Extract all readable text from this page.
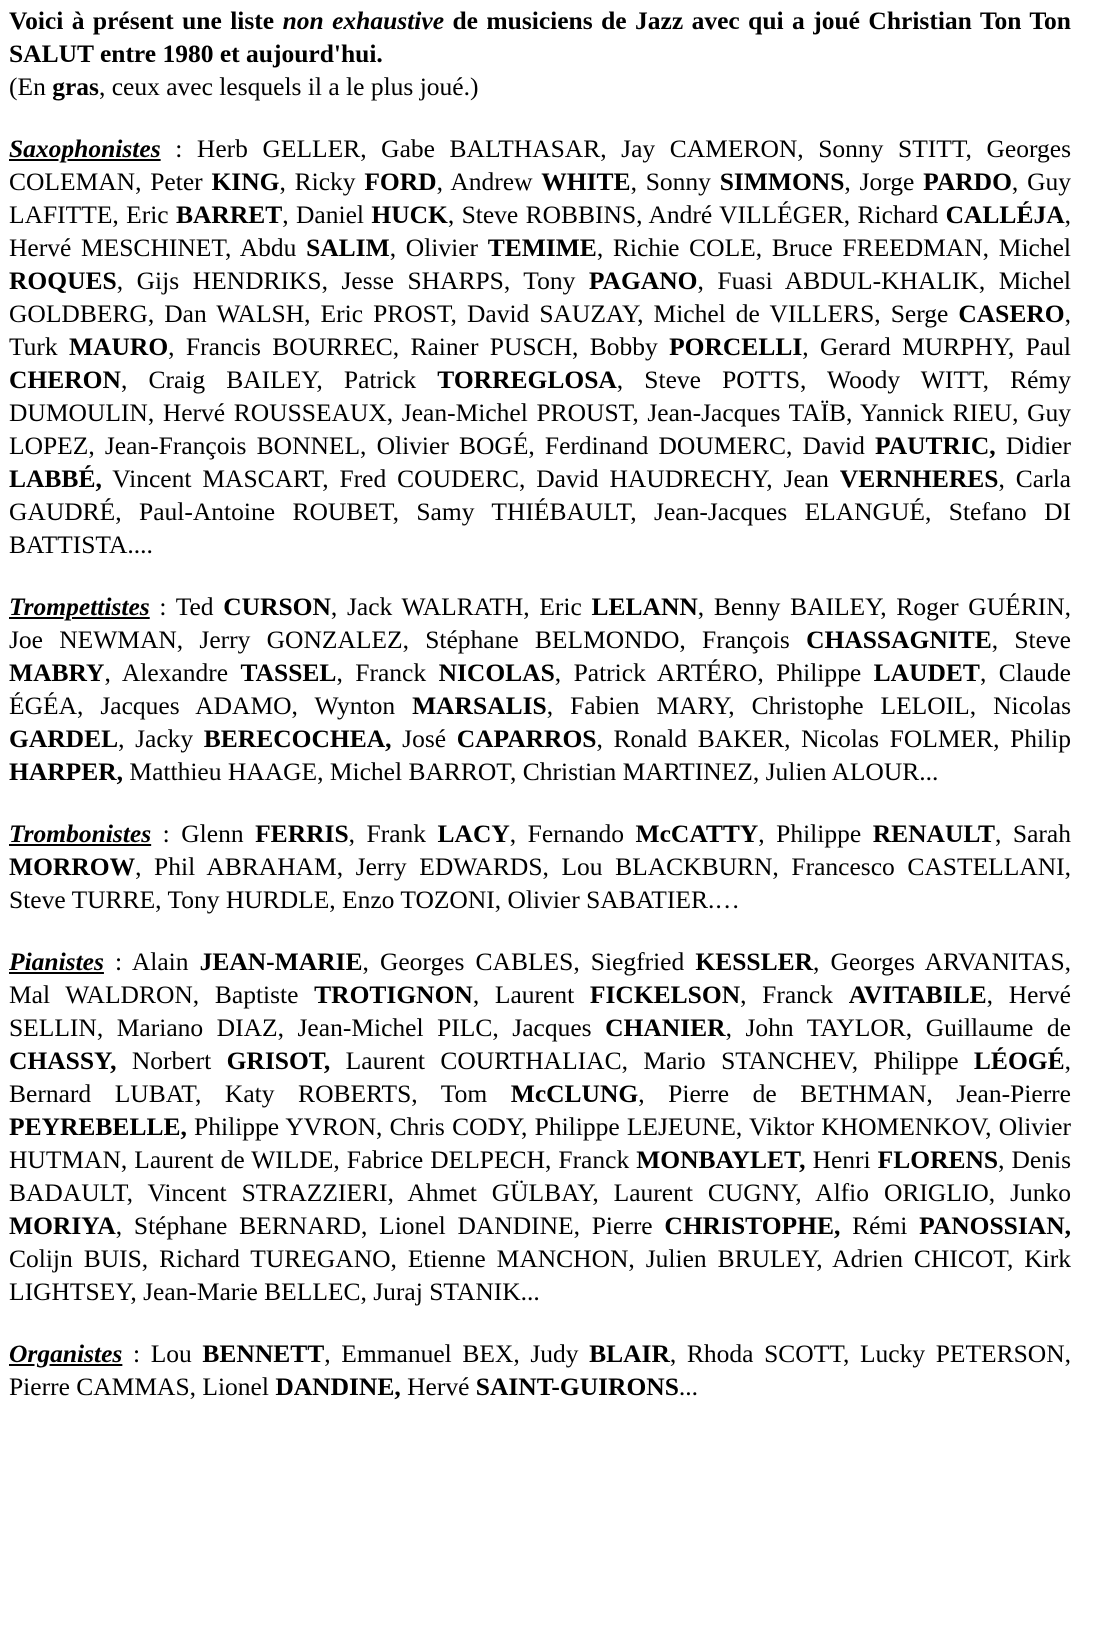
Voici à présent une liste non exhaustive de musiciens de Jazz avec qui a joué Christian Ton Ton SALUT entre 1980 et aujourd'hui.

(En gras, ceux avec lesquels il a le plus joué.)

Saxophonistes : Herb GELLER, Gabe BALTHASAR, Jay CAMERON, Sonny STITT, Georges COLEMAN, Peter KING, Ricky FORD, Andrew WHITE, Sonny SIMMONS, Jorge PARDO, Guy LAFITTE, Eric BARRET, Daniel HUCK, Steve ROBBINS, André VILLÉGER, Richard CALLÉJA, Hervé MESCHINET, Abdu SALIM, Olivier TEMIME, Richie COLE, Bruce FREEDMAN, Michel ROQUES, Gijs HENDRIKS, Jesse SHARPS, Tony PAGANO, Fuasi ABDUL-KHALIK, Michel GOLDBERG, Dan WALSH, Eric PROST, David SAUZAY, Michel de VILLERS, Serge CASERO, Turk MAURO, Francis BOURREC, Rainer PUSCH, Bobby PORCELLI, Gerard MURPHY, Paul CHERON, Craig BAILEY, Patrick TORREGLOSA, Steve POTTS, Woody WITT, Rémy DUMOULIN, Hervé ROUSSEAUX, Jean-Michel PROUST, Jean-Jacques TAÏB, Yannick RIEU, Guy LOPEZ, Jean-François BONNEL, Olivier BOGÉ, Ferdinand DOUMERC, David PAUTRIC, Didier LABBÉ, Vincent MASCART, Fred COUDERC, David HAUDRECHY, Jean VERNHERES, Carla GAUDRÉ, Paul-Antoine ROUBET, Samy THIÉBAULT, Jean-Jacques ELANGUÉ, Stefano DI BATTISTA....

Trompettistes : Ted CURSON, Jack WALRATH, Eric LELANN, Benny BAILEY, Roger GUÉRIN, Joe NEWMAN, Jerry GONZALEZ, Stéphane BELMONDO, François CHASSAGNITE, Steve MABRY, Alexandre TASSEL, Franck NICOLAS, Patrick ARTÉRO, Philippe LAUDET, Claude ÉGÉA, Jacques ADAMO, Wynton MARSALIS, Fabien MARY, Christophe LELOIL, Nicolas GARDEL, Jacky BERECOCHEA, José CAPARROS, Ronald BAKER, Nicolas FOLMER, Philip HARPER, Matthieu HAAGE, Michel BARROT, Christian MARTINEZ, Julien ALOUR...

Trombonistes : Glenn FERRIS, Frank LACY, Fernando McCATTY, Philippe RENAULT, Sarah MORROW, Phil ABRAHAM, Jerry EDWARDS, Lou BLACKBURN, Francesco CASTELLANI, Steve TURRE, Tony HURDLE, Enzo TOZONI, Olivier SABATIER.…

Pianistes : Alain JEAN-MARIE, Georges CABLES, Siegfried KESSLER, Georges ARVANITAS, Mal WALDRON, Baptiste TROTIGNON, Laurent FICKELSON, Franck AVITABILE, Hervé SELLIN, Mariano DIAZ, Jean-Michel PILC, Jacques CHANIER, John TAYLOR, Guillaume de CHASSY, Norbert GRISOT, Laurent COURTHALIAC, Mario STANCHEV, Philippe LÉOGÉ, Bernard LUBAT, Katy ROBERTS, Tom McCLUNG, Pierre de BETHMAN, Jean-Pierre PEYREBELLE, Philippe YVRON, Chris CODY, Philippe LEJEUNE, Viktor KHOMENKOV, Olivier HUTMAN, Laurent de WILDE, Fabrice DELPECH, Franck MONBAYLET, Henri FLORENS, Denis BADAULT, Vincent STRAZZIERI, Ahmet GÜLBAY, Laurent CUGNY, Alfio ORIGLIO, Junko MORIYA, Stéphane BERNARD, Lionel DANDINE, Pierre CHRISTOPHE, Rémi PANOSSIAN, Colijn BUIS, Richard TUREGANO, Etienne MANCHON, Julien BRULEY, Adrien CHICOT, Kirk LIGHTSEY, Jean-Marie BELLEC, Juraj STANIK...

Organistes : Lou BENNETT, Emmanuel BEX, Judy BLAIR, Rhoda SCOTT, Lucky PETERSON, Pierre CAMMAS, Lionel DANDINE, Hervé SAINT-GUIRONS...
